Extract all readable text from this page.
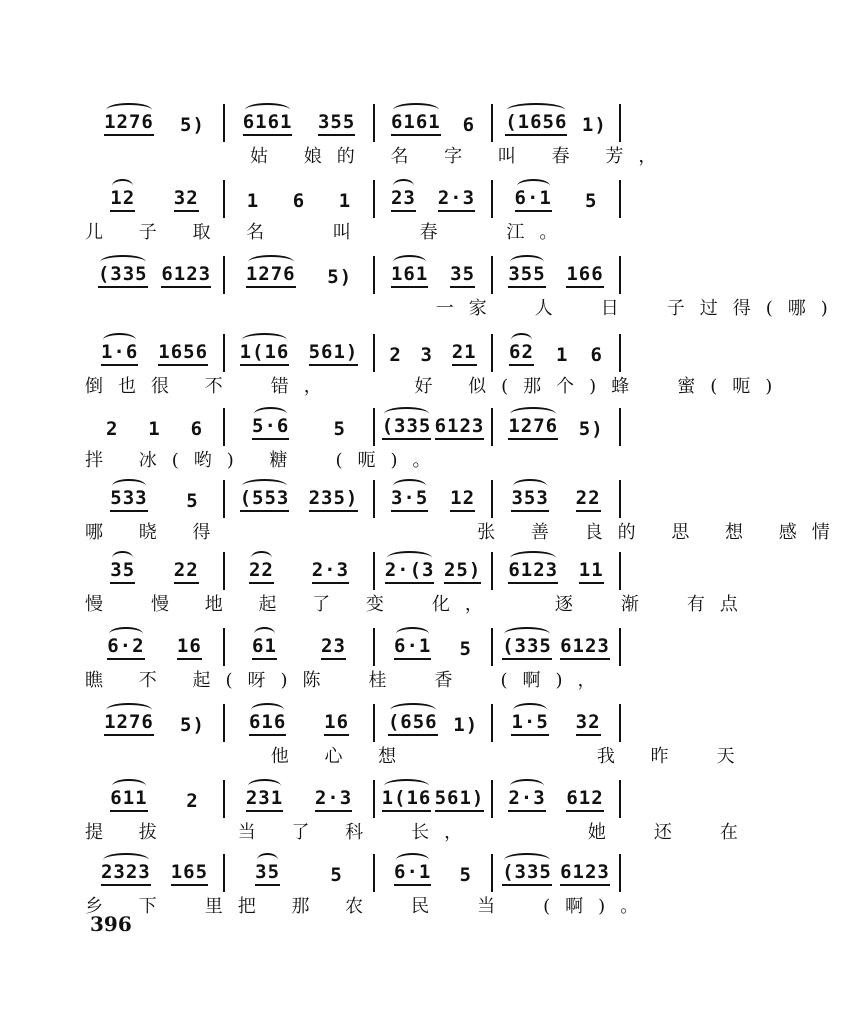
1276 5) 6161 355 6161 6 (1656 1)
　　　　　姑 娘的 名 字 叫 春 芳，
12 32	1 6 1 23 2·3 6·1 5
儿 子 取 名　 叫　 春　 江。
(335 6123 1276 5) 161 35 355 166
　　　　　　　　　　 一家　人　日　子过得(哪)
1·6 1656 1(16 561) 2 3 21 62 1 6
倒也很 不　错，　　 好 似(那个)蜂　蜜(呃)
2 1 6	5·6 5 (335 6123 1276 5)
拌 冰(哟) 糖　(呃)。
533 5 (553 235) 3·5 12 353 22
哪 晓 得　　　　　　　 张 善 良的 思 想 感情
35 22	22 2·3 2·(3 25) 6123 11
慢　慢 地 起 了 变　化，　　逐　渐　有点
6·2 16	61 23	6·1 5 (335 6123
瞧 不 起(呀)陈　桂　香　(啊)，
1276 5) 616 16 (656 1) 1·5 32
　　　　　 他 心 想　　　　　 我 昨　天
611 2 231 2·3 1(16 561) 2·3 612
提 拔　　当 了 科　长，　　　 她　还　在
2323 165 35	5	6·1 5 (335 6123
乡 下　里把 那 农　民　当　(啊)。
396
